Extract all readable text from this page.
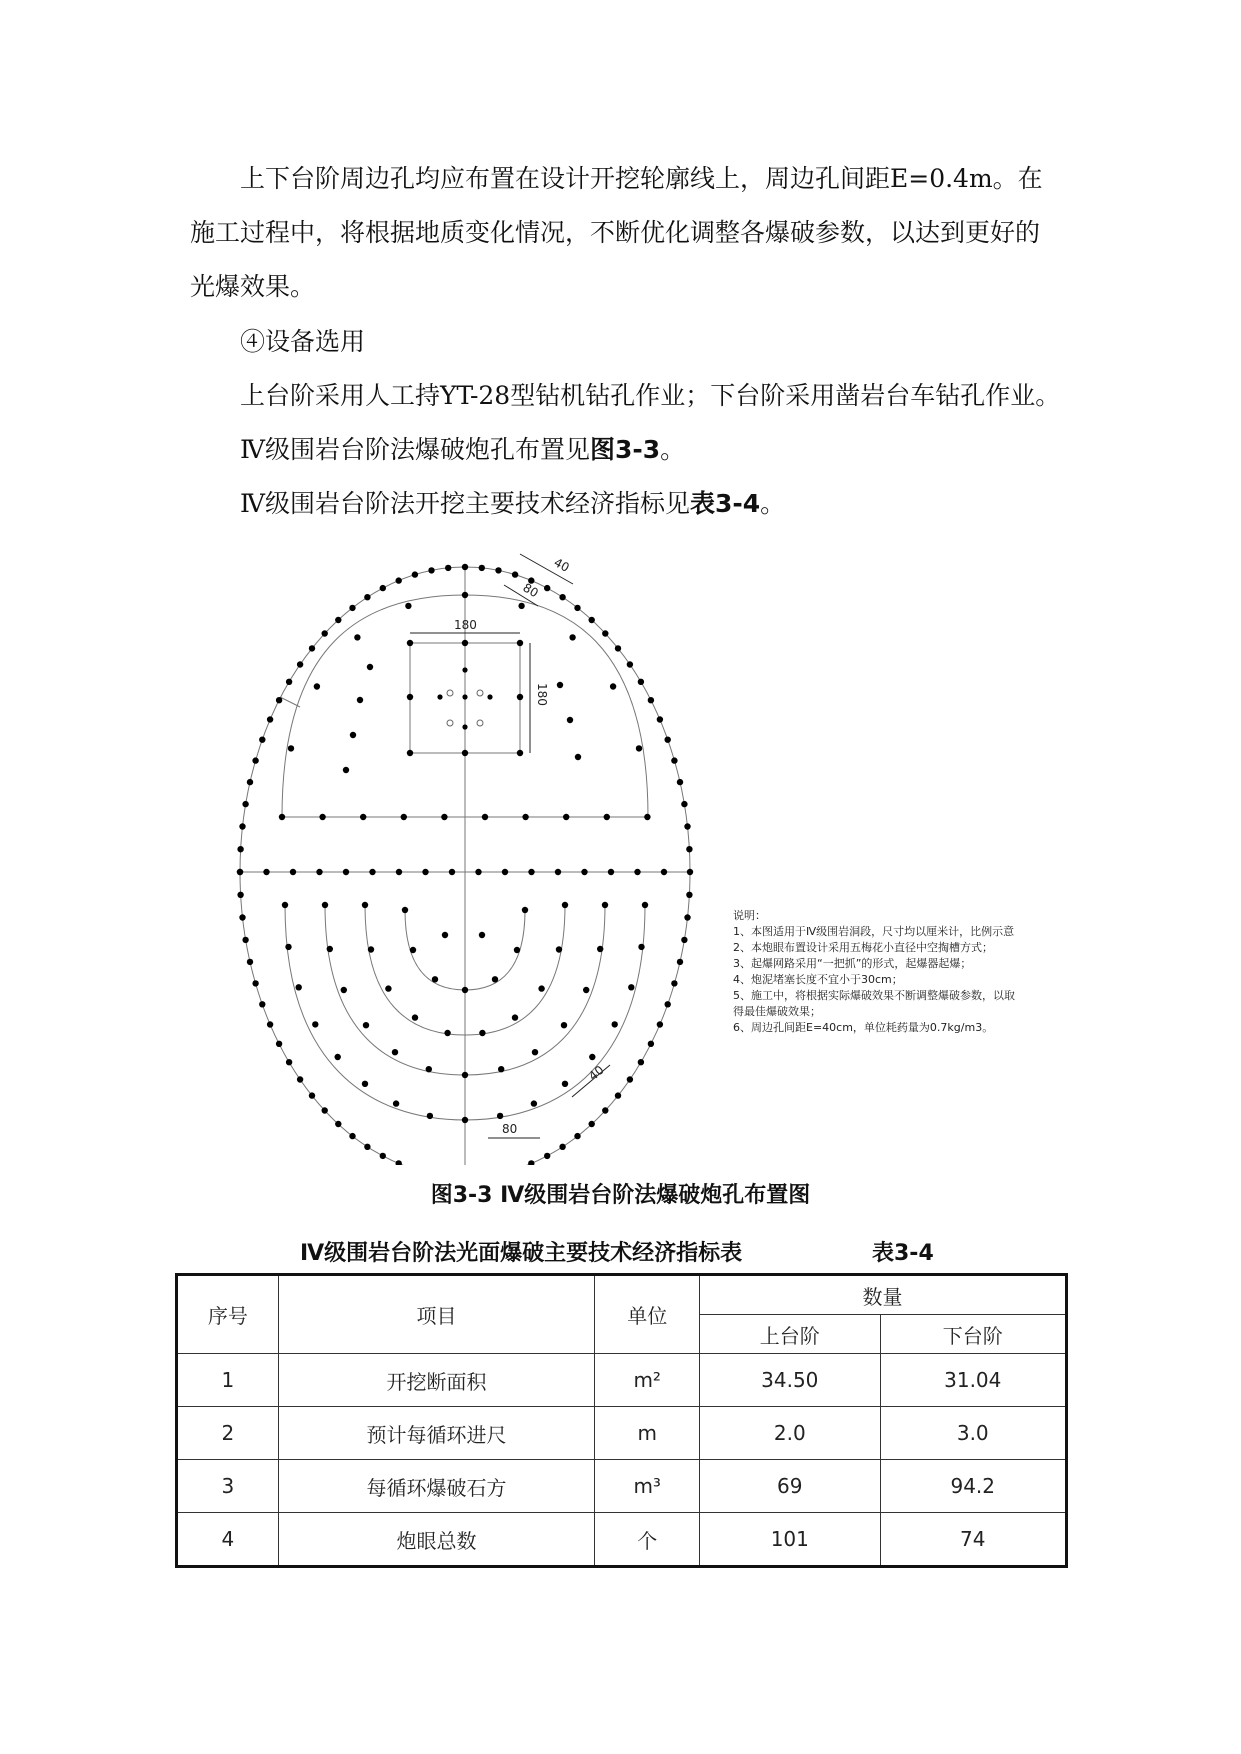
上下台阶周边孔均应布置在设计开挖轮廓线上，周边孔间距E=0.4m。在施工过程中，将根据地质变化情况，不断优化调整各爆破参数，以达到更好的光爆效果。
④设备选用
上台阶采用人工持YT-28型钻机钻孔作业；下台阶采用凿岩台车钻孔作业。
Ⅳ级围岩台阶法爆破炮孔布置见图3-3。
Ⅳ级围岩台阶法开挖主要技术经济指标见表3-4。
40
80
180
180
80
40
说明：
1、本图适用于Ⅳ级围岩洞段，尺寸均以厘米计，比例示意
2、本炮眼布置设计采用五梅花小直径中空掏槽方式；
3、起爆网路采用“一把抓”的形式，起爆器起爆；
4、炮泥堵塞长度不宜小于30cm；
5、施工中，将根据实际爆破效果不断调整爆破参数，以取
得最佳爆破效果；
6、周边孔间距E=40cm，单位耗药量为0.7kg/m3。
图3-3 Ⅳ级围岩台阶法爆破炮孔布置图
Ⅳ级围岩台阶法光面爆破主要技术经济指标表	表3-4
序号	项目	单位	数量	
			上台阶	下台阶
1	开挖断面积	m²	34.50	31.04
2	预计每循环进尺	m	2.0	3.0
3	每循环爆破石方	m³	69	94.2
4	炮眼总数	个	101	74
